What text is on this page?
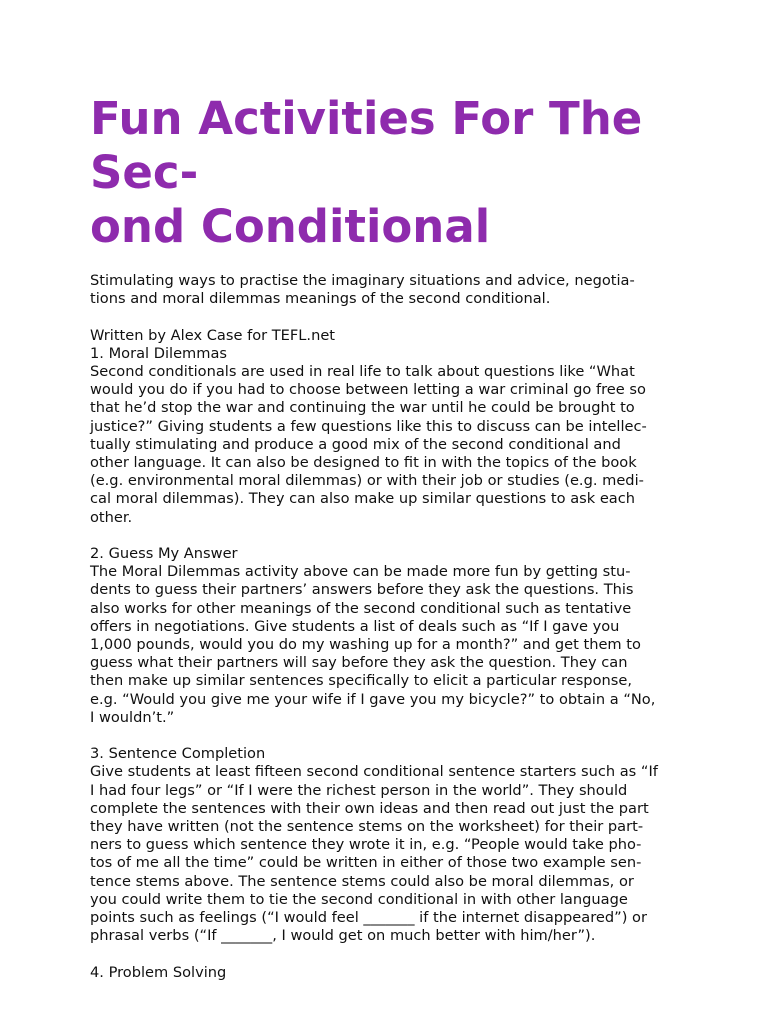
Fun Activities For The Sec-
ond Conditional

Stimulating ways to practise the imaginary situations and advice, negotia-
tions and moral dilemmas meanings of the second conditional.

Written by Alex Case for TEFL.net

1. Moral Dilemmas
Second conditionals are used in real life to talk about questions like “What
would you do if you had to choose between letting a war criminal go free so
that he’d stop the war and continuing the war until he could be brought to
justice?” Giving students a few questions like this to discuss can be intellec-
tually stimulating and produce a good mix of the second conditional and
other language. It can also be designed to fit in with the topics of the book
(e.g. environmental moral dilemmas) or with their job or studies (e.g. medi-
cal moral dilemmas). They can also make up similar questions to ask each
other.

2. Guess My Answer
The Moral Dilemmas activity above can be made more fun by getting stu-
dents to guess their partners’ answers before they ask the questions. This
also works for other meanings of the second conditional such as tentative
offers in negotiations. Give students a list of deals such as “If I gave you
1,000 pounds, would you do my washing up for a month?” and get them to
guess what their partners will say before they ask the question. They can
then make up similar sentences specifically to elicit a particular response,
e.g. “Would you give me your wife if I gave you my bicycle?” to obtain a “No,
I wouldn’t.”

3. Sentence Completion
Give students at least fifteen second conditional sentence starters such as “If
I had four legs” or “If I were the richest person in the world”. They should
complete the sentences with their own ideas and then read out just the part
they have written (not the sentence stems on the worksheet) for their part-
ners to guess which sentence they wrote it in, e.g. “People would take pho-
tos of me all the time” could be written in either of those two example sen-
tence stems above. The sentence stems could also be moral dilemmas, or
you could write them to tie the second conditional in with other language
points such as feelings (“I would feel _______ if the internet disappeared”) or
phrasal verbs (“If _______, I would get on much better with him/her”).

4. Problem Solving
